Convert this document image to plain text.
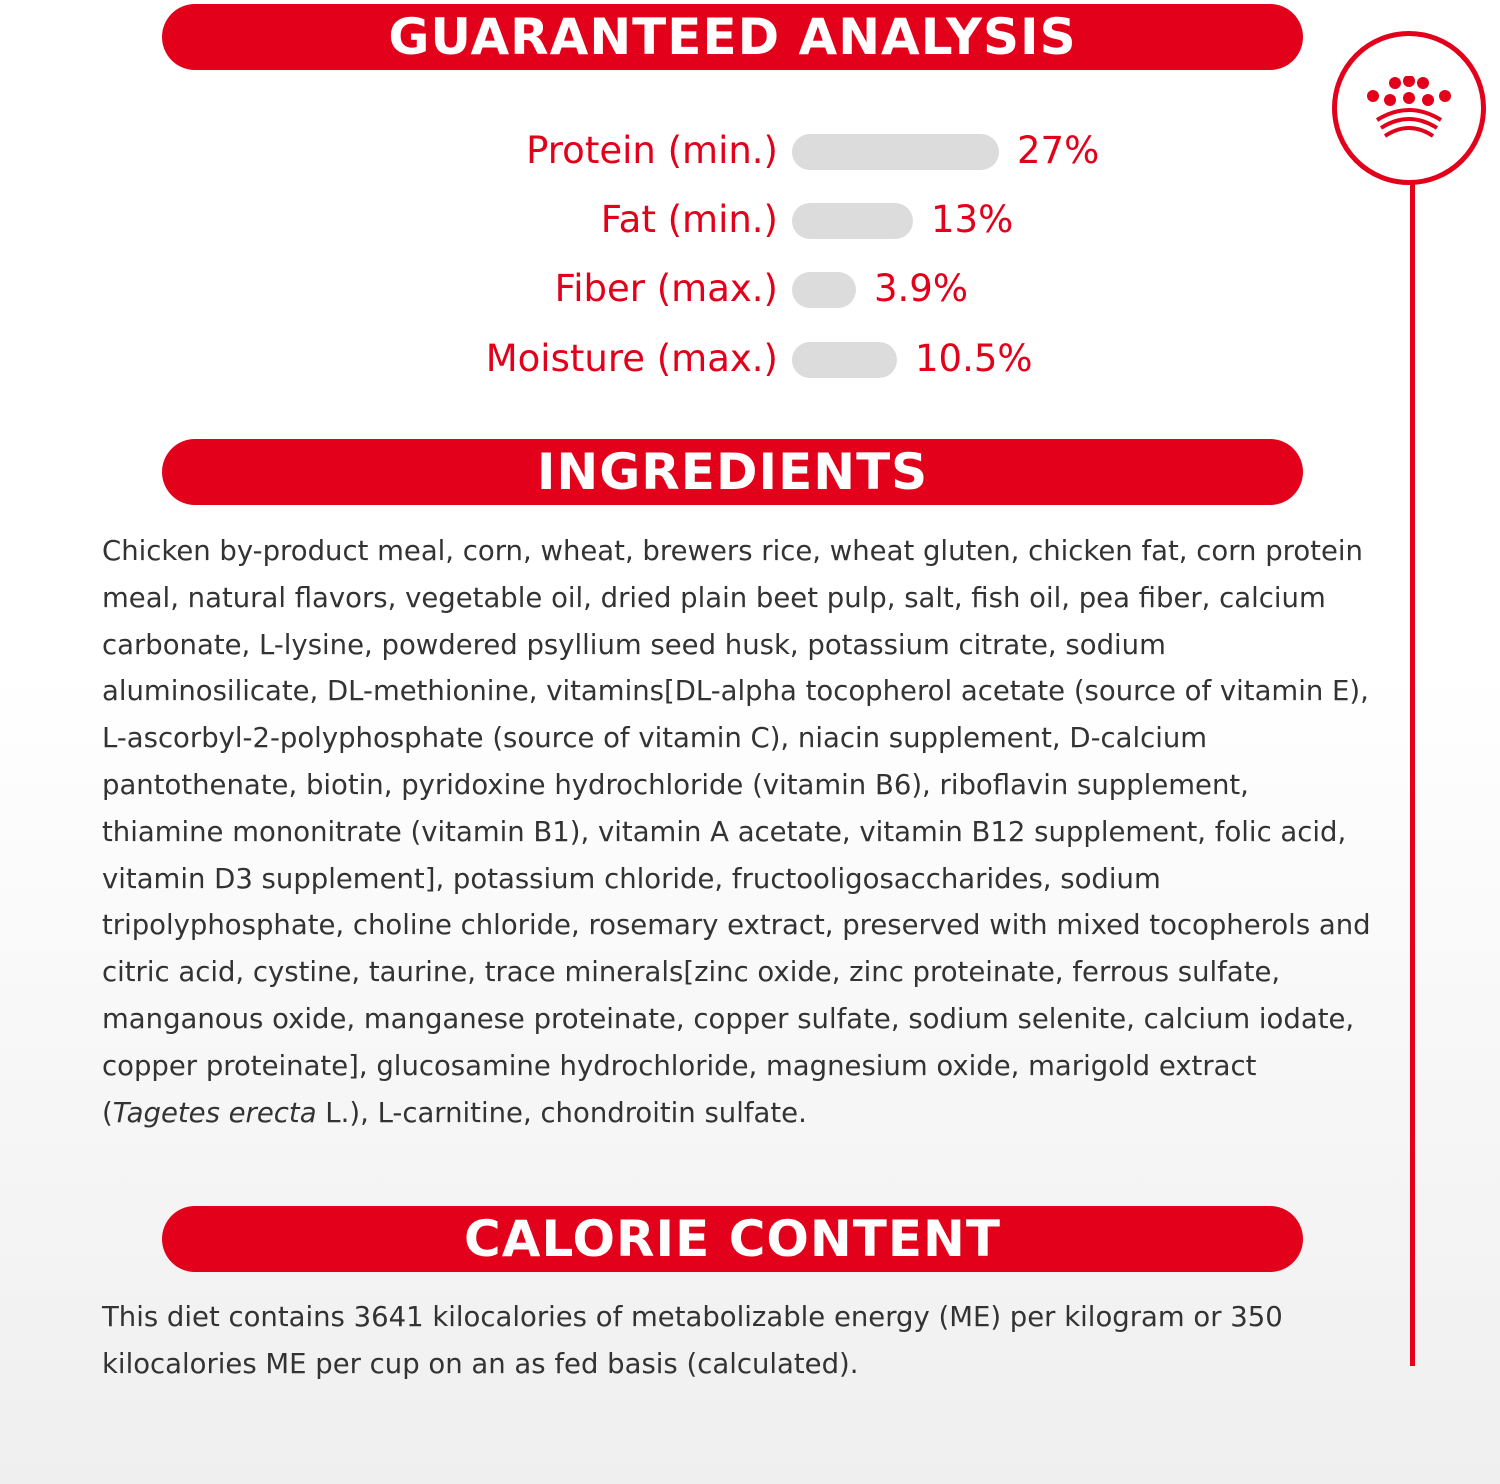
GUARANTEED ANALYSIS
Protein (min.)	27%
Fat (min.)	13%
Fiber (max.)	3.9%
Moisture (max.)	10.5%
INGREDIENTS
Chicken by-product meal, corn, wheat, brewers rice, wheat gluten, chicken fat, corn protein meal, natural flavors, vegetable oil, dried plain beet pulp, salt, fish oil, pea fiber, calcium carbonate, L-lysine, powdered psyllium seed husk, potassium citrate, sodium aluminosilicate, DL-methionine, vitamins[DL-alpha tocopherol acetate (source of vitamin E), L-ascorbyl-2-polyphosphate (source of vitamin C), niacin supplement, D-calcium pantothenate, biotin, pyridoxine hydrochloride (vitamin B6), riboflavin supplement, thiamine mononitrate (vitamin B1), vitamin A acetate, vitamin B12 supplement, folic acid, vitamin D3 supplement], potassium chloride, fructooligosaccharides, sodium tripolyphosphate, choline chloride, rosemary extract, preserved with mixed tocopherols and citric acid, cystine, taurine, trace minerals[zinc oxide, zinc proteinate, ferrous sulfate, manganous oxide, manganese proteinate, copper sulfate, sodium selenite, calcium iodate, copper proteinate], glucosamine hydrochloride, magnesium oxide, marigold extract (Tagetes erecta L.), L-carnitine, chondroitin sulfate.
CALORIE CONTENT
This diet contains 3641 kilocalories of metabolizable energy (ME) per kilogram or 350 kilocalories ME per cup on an as fed basis (calculated).
